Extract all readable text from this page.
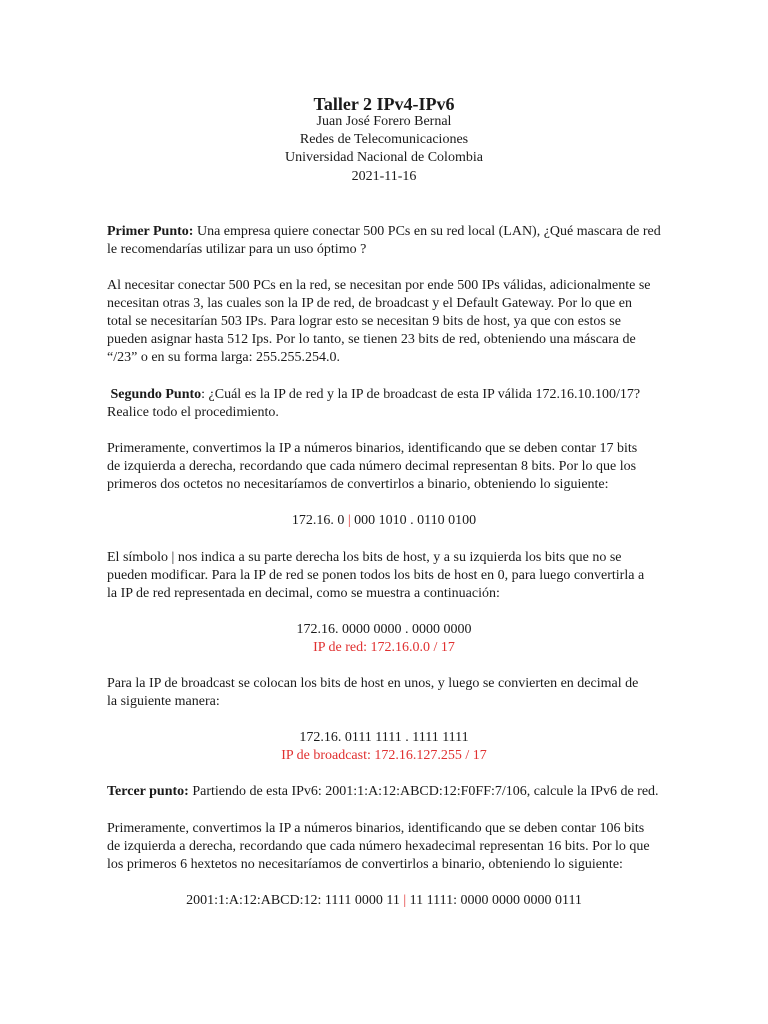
Taller 2 IPv4-IPv6
Juan José Forero Bernal
Redes de Telecomunicaciones
Universidad Nacional de Colombia
2021-11-16
Primer Punto: Una empresa quiere conectar 500 PCs en su red local (LAN), ¿Qué mascara de red
le recomendarías utilizar para un uso óptimo ?
Al necesitar conectar 500 PCs en la red, se necesitan por ende 500 IPs válidas, adicionalmente se
necesitan otras 3, las cuales son la IP de red, de broadcast y el Default Gateway. Por lo que en
total se necesitarían 503 IPs. Para lograr esto se necesitan 9 bits de host, ya que con estos se
pueden asignar hasta 512 Ips. Por lo tanto, se tienen 23 bits de red, obteniendo una máscara de
“/23” o en su forma larga: 255.255.254.0.
Segundo Punto: ¿Cuál es la IP de red y la IP de broadcast de esta IP válida 172.16.10.100/17?
Realice todo el procedimiento.
Primeramente, convertimos la IP a números binarios, identificando que se deben contar 17 bits
de izquierda a derecha, recordando que cada número decimal representan 8 bits. Por lo que los
primeros dos octetos no necesitaríamos de convertirlos a binario, obteniendo lo siguiente:
172.16. 0 | 000 1010 . 0110 0100
El símbolo | nos indica a su parte derecha los bits de host, y a su izquierda los bits que no se
pueden modificar. Para la IP de red se ponen todos los bits de host en 0, para luego convertirla a
la IP de red representada en decimal, como se muestra a continuación:
172.16. 0000 0000 . 0000 0000
IP de red: 172.16.0.0 / 17
Para la IP de broadcast se colocan los bits de host en unos, y luego se convierten en decimal de
la siguiente manera:
172.16. 0111 1111 . 1111 1111
IP de broadcast: 172.16.127.255 / 17
Tercer punto: Partiendo de esta IPv6: 2001:1:A:12:ABCD:12:F0FF:7/106, calcule la IPv6 de red.
Primeramente, convertimos la IP a números binarios, identificando que se deben contar 106 bits
de izquierda a derecha, recordando que cada número hexadecimal representan 16 bits. Por lo que
los primeros 6 hextetos no necesitaríamos de convertirlos a binario, obteniendo lo siguiente:
2001:1:A:12:ABCD:12: 1111 0000 11 | 11 1111: 0000 0000 0000 0111
